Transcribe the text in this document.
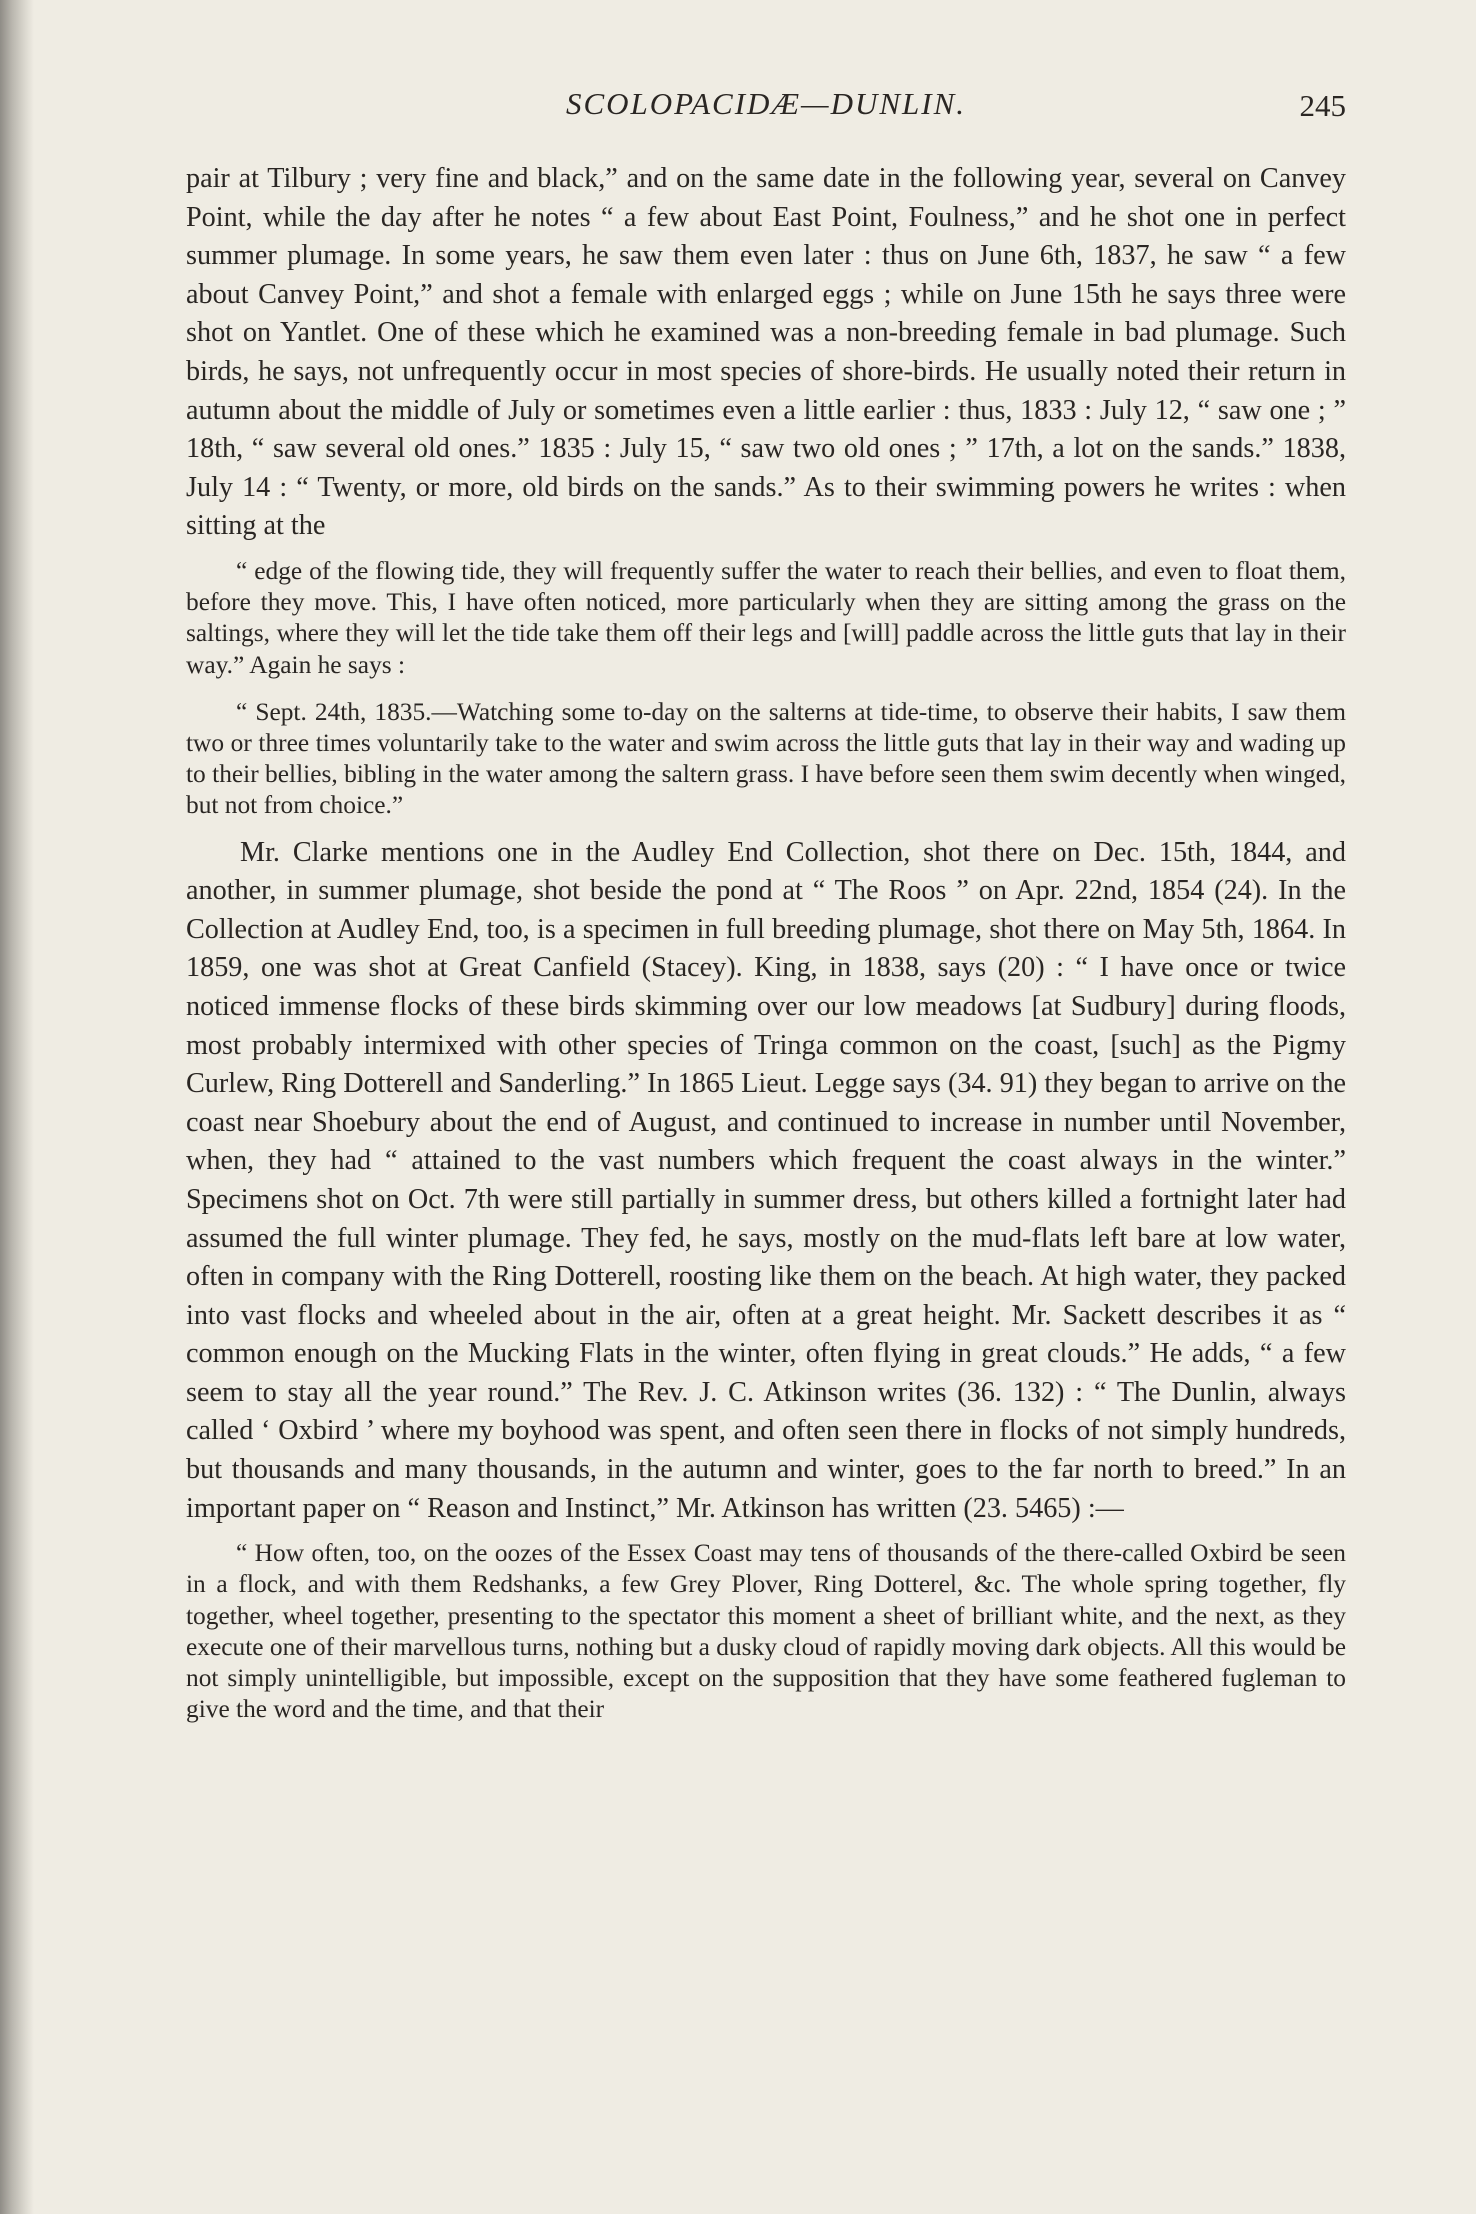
SCOLOPACIDÆ—DUNLIN.	245

pair at Tilbury ; very fine and black,” and on the same date in the following year, several on Canvey Point, while the day after he notes “ a few about East Point, Foulness,” and he shot one in perfect summer plumage. In some years, he saw them even later : thus on June 6th, 1837, he saw “ a few about Canvey Point,” and shot a female with enlarged eggs ; while on June 15th he says three were shot on Yantlet. One of these which he examined was a non-breeding female in bad plumage. Such birds, he says, not unfrequently occur in most species of shore-birds. He usually noted their return in autumn about the middle of July or sometimes even a little earlier : thus, 1833 : July 12, “ saw one ; ” 18th, “ saw several old ones.” 1835 : July 15, “ saw two old ones ; ” 17th, a lot on the sands.” 1838, July 14 : “ Twenty, or more, old birds on the sands.” As to their swimming powers he writes : when sitting at the

“ edge of the flowing tide, they will frequently suffer the water to reach their bellies, and even to float them, before they move. This, I have often noticed, more particularly when they are sitting among the grass on the saltings, where they will let the tide take them off their legs and [will] paddle across the little guts that lay in their way.” Again he says :

“ Sept. 24th, 1835.—Watching some to-day on the salterns at tide-time, to observe their habits, I saw them two or three times voluntarily take to the water and swim across the little guts that lay in their way and wading up to their bellies, bibling in the water among the saltern grass. I have before seen them swim decently when winged, but not from choice.”

Mr. Clarke mentions one in the Audley End Collection, shot there on Dec. 15th, 1844, and another, in summer plumage, shot beside the pond at “ The Roos ” on Apr. 22nd, 1854 (24). In the Collection at Audley End, too, is a specimen in full breeding plumage, shot there on May 5th, 1864. In 1859, one was shot at Great Canfield (Stacey). King, in 1838, says (20) : “ I have once or twice noticed immense flocks of these birds skimming over our low meadows [at Sudbury] during floods, most probably intermixed with other species of Tringa common on the coast, [such] as the Pigmy Curlew, Ring Dotterell and Sanderling.” In 1865 Lieut. Legge says (34. 91) they began to arrive on the coast near Shoebury about the end of August, and continued to increase in number until November, when, they had “ attained to the vast numbers which frequent the coast always in the winter.” Specimens shot on Oct. 7th were still partially in summer dress, but others killed a fortnight later had assumed the full winter plumage. They fed, he says, mostly on the mud-flats left bare at low water, often in company with the Ring Dotterell, roosting like them on the beach. At high water, they packed into vast flocks and wheeled about in the air, often at a great height. Mr. Sackett describes it as “ common enough on the Mucking Flats in the winter, often flying in great clouds.” He adds, “ a few seem to stay all the year round.” The Rev. J. C. Atkinson writes (36. 132) : “ The Dunlin, always called ‘ Oxbird ’ where my boyhood was spent, and often seen there in flocks of not simply hundreds, but thousands and many thousands, in the autumn and winter, goes to the far north to breed.” In an important paper on “ Reason and Instinct,” Mr. Atkinson has written (23. 5465) :—

“ How often, too, on the oozes of the Essex Coast may tens of thousands of the there-called Oxbird be seen in a flock, and with them Redshanks, a few Grey Plover, Ring Dotterel, &c. The whole spring together, fly together, wheel together, presenting to the spectator this moment a sheet of brilliant white, and the next, as they execute one of their marvellous turns, nothing but a dusky cloud of rapidly moving dark objects. All this would be not simply unintelligible, but impossible, except on the supposition that they have some feathered fugleman to give the word and the time, and that their
